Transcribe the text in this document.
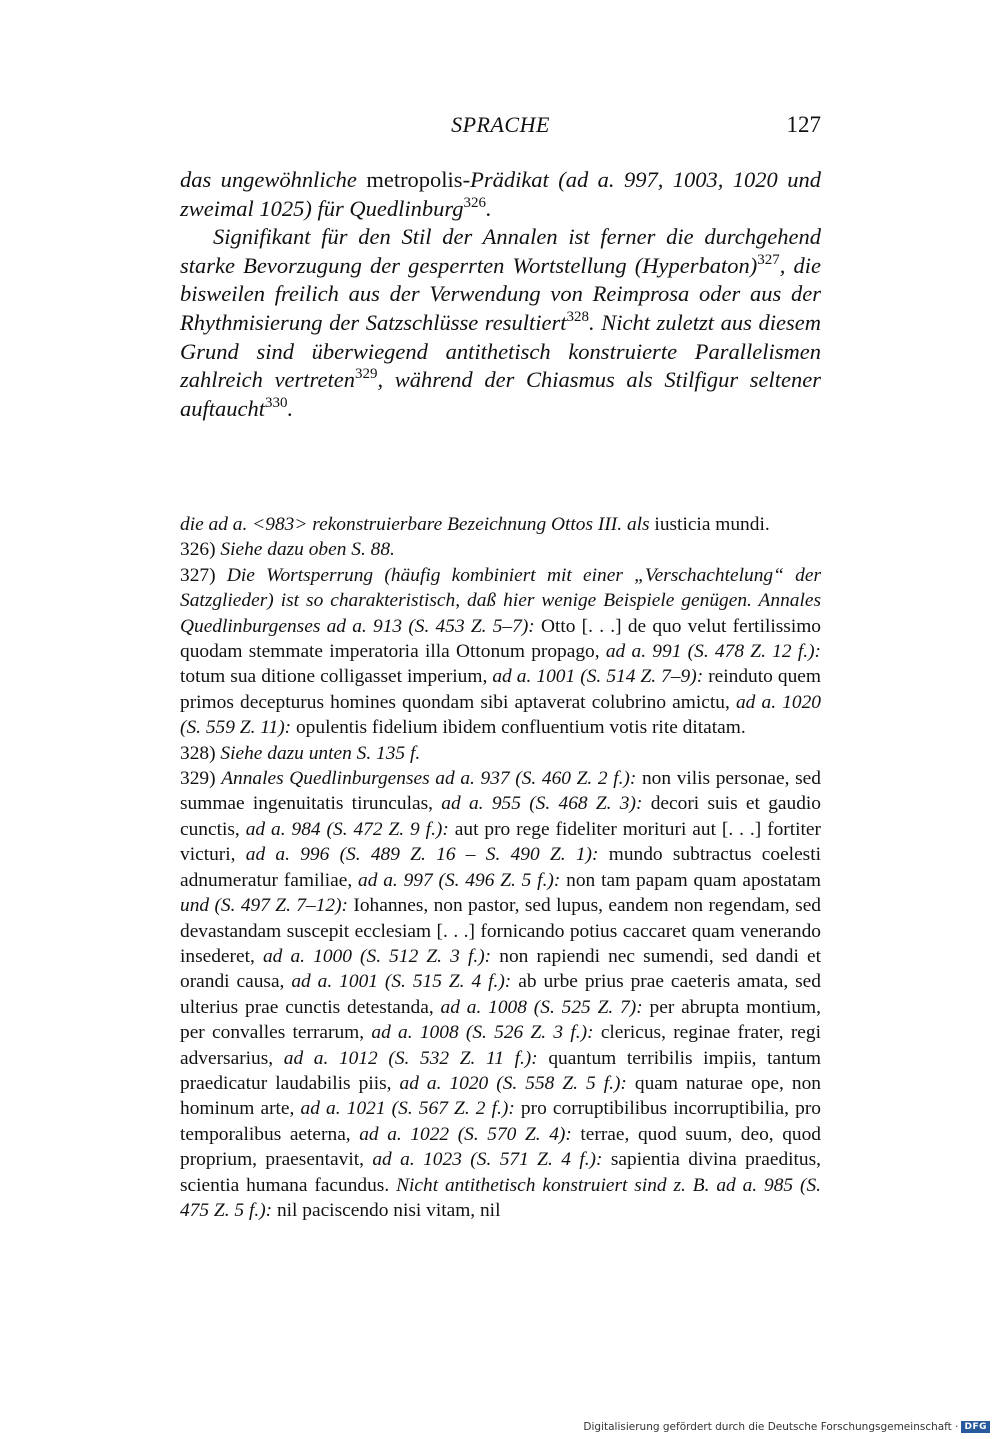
SPRACHE	127

das ungewöhnliche metropolis-Prädikat (ad a. 997, 1003, 1020 und zweimal 1025) für Quedlinburg$^{326}$.

Signifikant für den Stil der Annalen ist ferner die durchgehend starke Bevorzugung der gesperrten Wortstellung (Hyperbaton)$^{327}$, die bisweilen freilich aus der Verwendung von Reimprosa oder aus der Rhythmisierung der Satzschlüsse resultiert$^{328}$. Nicht zuletzt aus diesem Grund sind überwiegend antithetisch konstruierte Parallelismen zahlreich vertreten$^{329}$, während der Chiasmus als Stilfigur seltener auftaucht$^{330}$.

die ad a. <983> rekonstruierbare Bezeichnung Ottos III. als iusticia mundi.

326) Siehe dazu oben S. 88.

327) Die Wortsperrung (häufig kombiniert mit einer „Verschachtelung“ der Satzglieder) ist so charakteristisch, daß hier wenige Beispiele genügen. Annales Quedlinburgenses ad a. 913 (S. 453 Z. 5–7): Otto [. . .] de quo velut fertilissimo quodam stemmate imperatoria illa Ottonum propago, ad a. 991 (S. 478 Z. 12 f.): totum sua ditione colligasset imperium, ad a. 1001 (S. 514 Z. 7–9): reinduto quem primos decepturus homines quondam sibi aptaverat colubrino amictu, ad a. 1020 (S. 559 Z. 11): opulentis fidelium ibidem confluentium votis rite ditatam.

328) Siehe dazu unten S. 135 f.

329) Annales Quedlinburgenses ad a. 937 (S. 460 Z. 2 f.): non vilis personae, sed summae ingenuitatis tirunculas, ad a. 955 (S. 468 Z. 3): decori suis et gaudio cunctis, ad a. 984 (S. 472 Z. 9 f.): aut pro rege fideliter morituri aut [. . .] fortiter victuri, ad a. 996 (S. 489 Z. 16 – S. 490 Z. 1): mundo subtractus coelesti adnumeratur familiae, ad a. 997 (S. 496 Z. 5 f.): non tam papam quam apostatam und (S. 497 Z. 7–12): Iohannes, non pastor, sed lupus, eandem non regendam, sed devastandam suscepit ecclesiam [. . .] fornicando potius caccaret quam venerando insederet, ad a. 1000 (S. 512 Z. 3 f.): non rapiendi nec sumendi, sed dandi et orandi causa, ad a. 1001 (S. 515 Z. 4 f.): ab urbe prius prae caeteris amata, sed ulterius prae cunctis detestanda, ad a. 1008 (S. 525 Z. 7): per abrupta montium, per convalles terrarum, ad a. 1008 (S. 526 Z. 3 f.): clericus, reginae frater, regi adversarius, ad a. 1012 (S. 532 Z. 11 f.): quantum terribilis impiis, tantum praedicatur laudabilis piis, ad a. 1020 (S. 558 Z. 5 f.): quam naturae ope, non hominum arte, ad a. 1021 (S. 567 Z. 2 f.): pro corruptibilibus incorruptibilia, pro temporalibus aeterna, ad a. 1022 (S. 570 Z. 4): terrae, quod suum, deo, quod proprium, praesentavit, ad a. 1023 (S. 571 Z. 4 f.): sapientia divina praeditus, scientia humana facundus. Nicht antithetisch konstruiert sind z. B. ad a. 985 (S. 475 Z. 5 f.): nil paciscendo nisi vitam, nil

Digitalisierung gefördert durch die Deutsche Forschungsgemeinschaft · DFG
